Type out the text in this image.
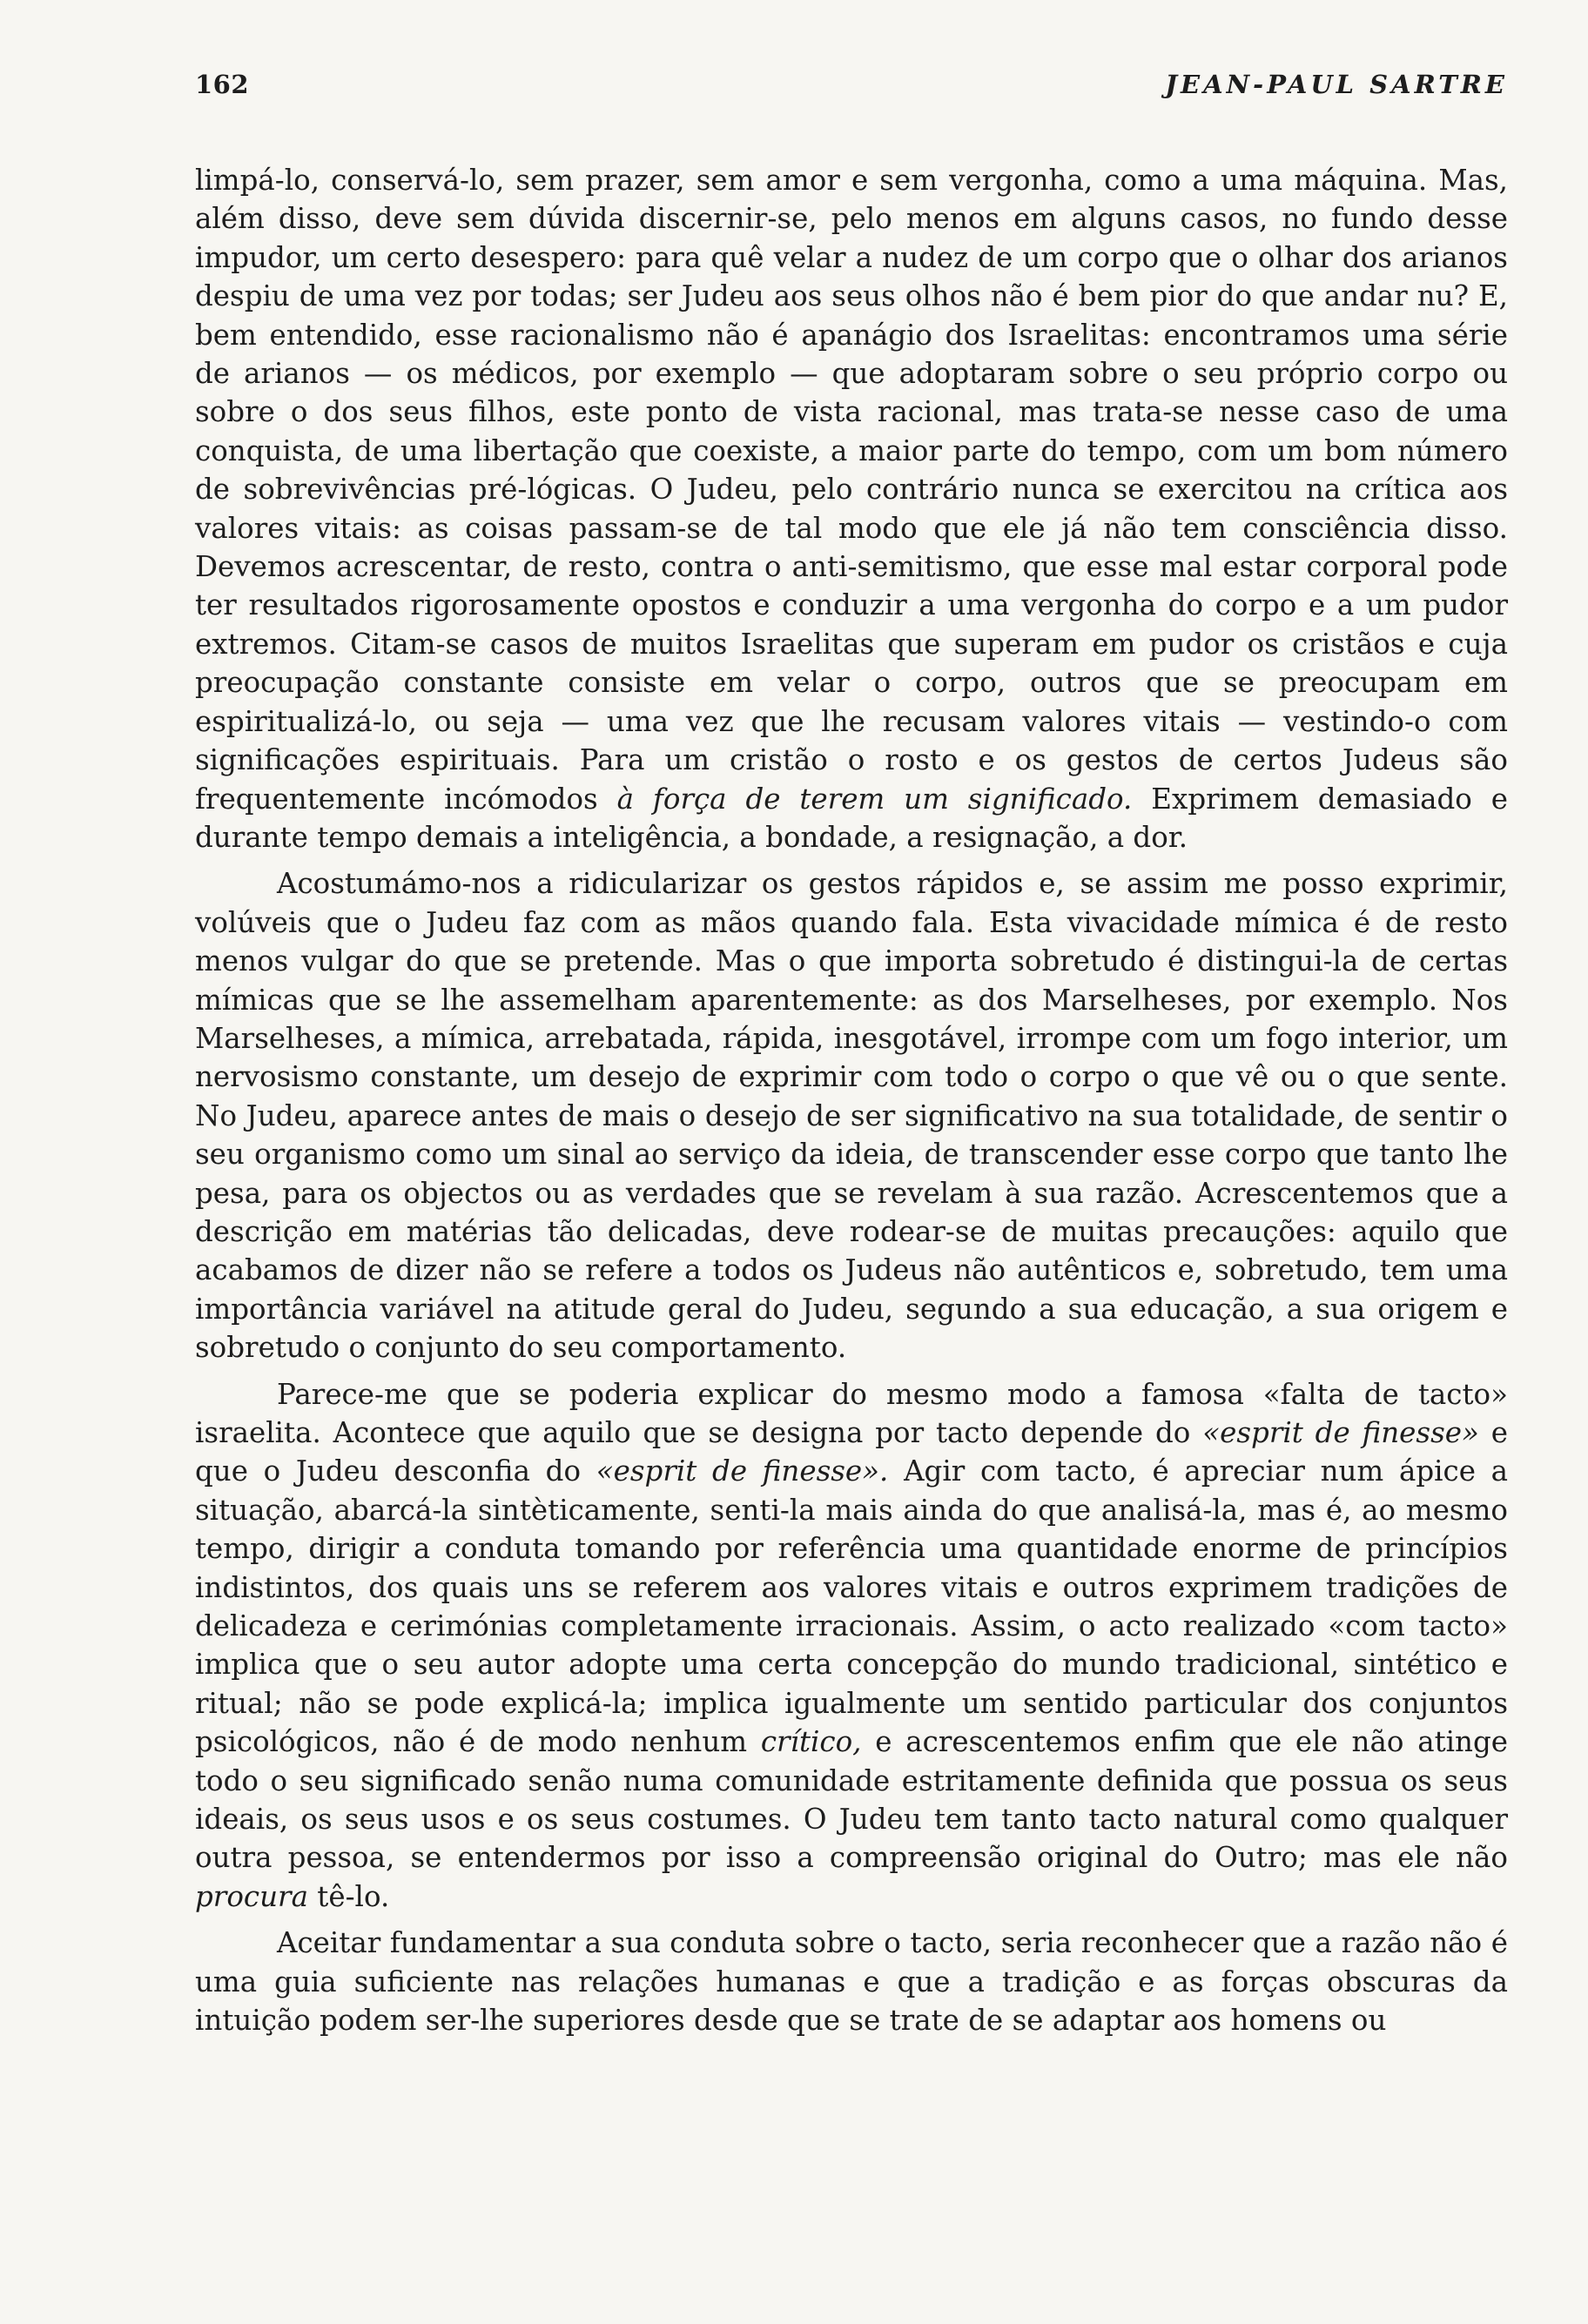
162	JEAN-PAUL SARTRE

limpá-lo, conservá-lo, sem prazer, sem amor e sem vergonha, como a uma máquina. Mas, além disso, deve sem dúvida discernir-se, pelo menos em alguns casos, no fundo desse impudor, um certo desespero: para quê velar a nudez de um corpo que o olhar dos arianos despiu de uma vez por todas; ser Judeu aos seus olhos não é bem pior do que andar nu? E, bem entendido, esse racionalismo não é apanágio dos Israelitas: encontramos uma série de arianos — os médicos, por exemplo — que adoptaram sobre o seu próprio corpo ou sobre o dos seus filhos, este ponto de vista racional, mas trata-se nesse caso de uma conquista, de uma libertação que coexiste, a maior parte do tempo, com um bom número de sobrevivências pré-lógicas. O Judeu, pelo contrário nunca se exercitou na crítica aos valores vitais: as coisas passam-se de tal modo que ele já não tem consciência disso. Devemos acrescentar, de resto, contra o anti-semitismo, que esse mal estar corporal pode ter resultados rigorosamente opostos e conduzir a uma vergonha do corpo e a um pudor extremos. Citam-se casos de muitos Israelitas que superam em pudor os cristãos e cuja preocupação constante consiste em velar o corpo, outros que se preocupam em espiritualizá-lo, ou seja — uma vez que lhe recusam valores vitais — vestindo-o com significações espirituais. Para um cristão o rosto e os gestos de certos Judeus são frequentemente incómodos à força de terem um significado. Exprimem demasiado e durante tempo demais a inteligência, a bondade, a resignação, a dor.

Acostumámo-nos a ridicularizar os gestos rápidos e, se assim me posso exprimir, volúveis que o Judeu faz com as mãos quando fala. Esta vivacidade mímica é de resto menos vulgar do que se pretende. Mas o que importa sobretudo é distingui-la de certas mímicas que se lhe assemelham aparentemente: as dos Marselheses, por exemplo. Nos Marselheses, a mímica, arrebatada, rápida, inesgotável, irrompe com um fogo interior, um nervosismo constante, um desejo de exprimir com todo o corpo o que vê ou o que sente. No Judeu, aparece antes de mais o desejo de ser significativo na sua totalidade, de sentir o seu organismo como um sinal ao serviço da ideia, de transcender esse corpo que tanto lhe pesa, para os objectos ou as verdades que se revelam à sua razão. Acrescentemos que a descrição em matérias tão delicadas, deve rodear-se de muitas precauções: aquilo que acabamos de dizer não se refere a todos os Judeus não autênticos e, sobretudo, tem uma importância variável na atitude geral do Judeu, segundo a sua educação, a sua origem e sobretudo o conjunto do seu comportamento.

Parece-me que se poderia explicar do mesmo modo a famosa «falta de tacto» israelita. Acontece que aquilo que se designa por tacto depende do «esprit de finesse» e que o Judeu desconfia do «esprit de finesse». Agir com tacto, é apreciar num ápice a situação, abarcá-la sintèticamente, senti-la mais ainda do que analisá-la, mas é, ao mesmo tempo, dirigir a conduta tomando por referência uma quantidade enorme de princípios indistintos, dos quais uns se referem aos valores vitais e outros exprimem tradições de delicadeza e cerimónias completamente irracionais. Assim, o acto realizado «com tacto» implica que o seu autor adopte uma certa concepção do mundo tradicional, sintético e ritual; não se pode explicá-la; implica igualmente um sentido particular dos conjuntos psicológicos, não é de modo nenhum crítico, e acrescentemos enfim que ele não atinge todo o seu significado senão numa comunidade estritamente definida que possua os seus ideais, os seus usos e os seus costumes. O Judeu tem tanto tacto natural como qualquer outra pessoa, se entendermos por isso a compreensão original do Outro; mas ele não procura tê-lo.

Aceitar fundamentar a sua conduta sobre o tacto, seria reconhecer que a razão não é uma guia suficiente nas relações humanas e que a tradição e as forças obscuras da intuição podem ser-lhe superiores desde que se trate de se adaptar aos homens ou
